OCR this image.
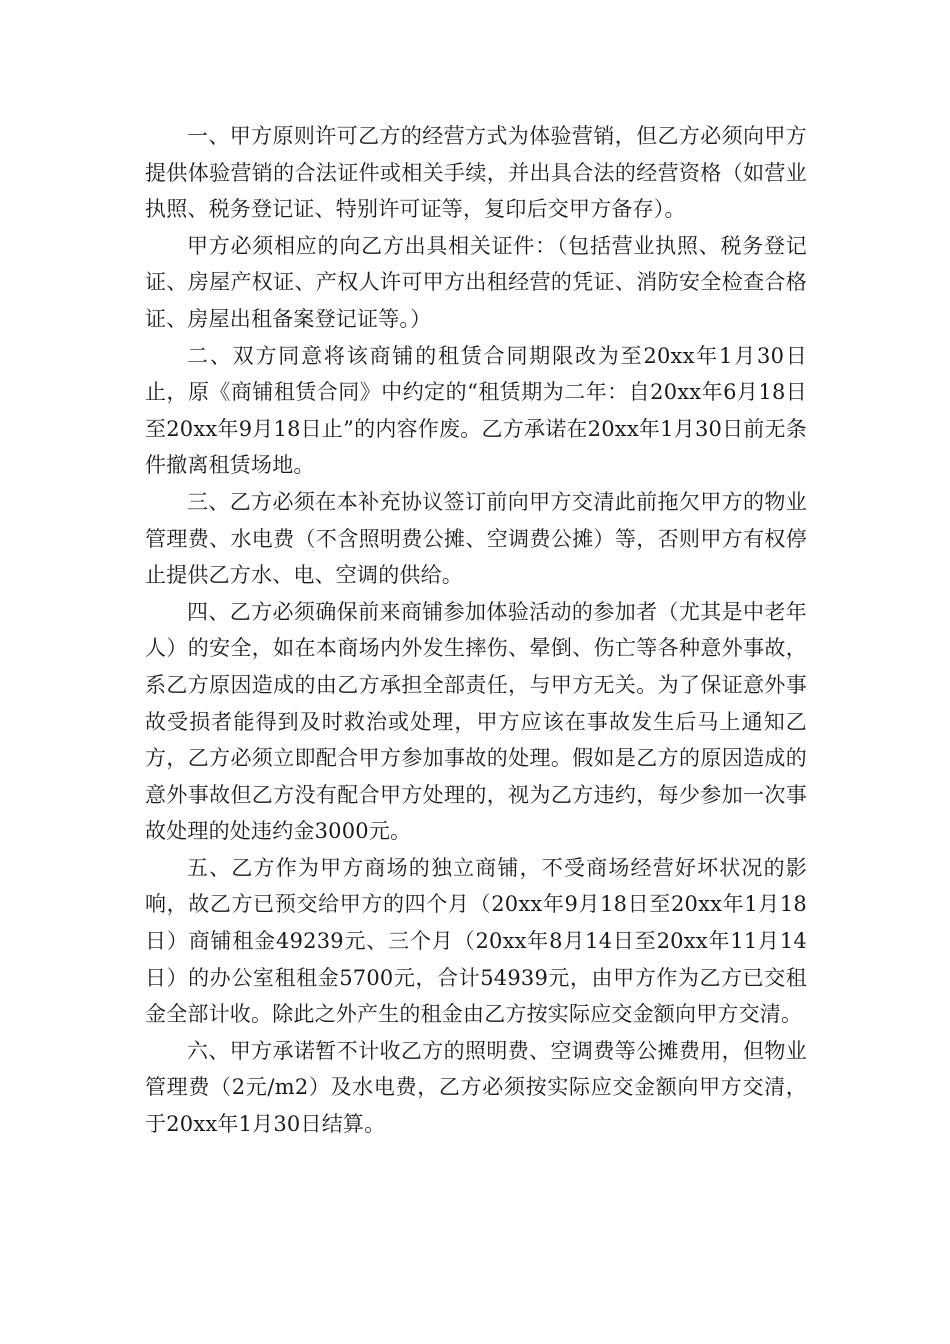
一、甲方原则许可乙方的经营方式为体验营销，但乙方必须向甲方提供体验营销的合法证件或相关手续，并出具合法的经营资格（如营业执照、税务登记证、特别许可证等，复印后交甲方备存）。

甲方必须相应的向乙方出具相关证件：（包括营业执照、税务登记证、房屋产权证、产权人许可甲方出租经营的凭证、消防安全检查合格证、房屋出租备案登记证等。）

二、双方同意将该商铺的租赁合同期限改为至20xx年1月30日止，原《商铺租赁合同》中约定的“租赁期为二年：自20xx年6月18日至20xx年9月18日止”的内容作废。乙方承诺在20xx年1月30日前无条件撤离租赁场地。

三、乙方必须在本补充协议签订前向甲方交清此前拖欠甲方的物业管理费、水电费（不含照明费公摊、空调费公摊）等，否则甲方有权停止提供乙方水、电、空调的供给。

四、乙方必须确保前来商铺参加体验活动的参加者（尤其是中老年人）的安全，如在本商场内外发生摔伤、晕倒、伤亡等各种意外事故，系乙方原因造成的由乙方承担全部责任，与甲方无关。为了保证意外事故受损者能得到及时救治或处理，甲方应该在事故发生后马上通知乙方，乙方必须立即配合甲方参加事故的处理。假如是乙方的原因造成的意外事故但乙方没有配合甲方处理的，视为乙方违约，每少参加一次事故处理的处违约金3000元。

五、乙方作为甲方商场的独立商铺，不受商场经营好坏状况的影响，故乙方已预交给甲方的四个月（20xx年9月18日至20xx年1月18日）商铺租金49239元、三个月（20xx年8月14日至20xx年11月14日）的办公室租租金5700元，合计54939元，由甲方作为乙方已交租金全部计收。除此之外产生的租金由乙方按实际应交金额向甲方交清。

六、甲方承诺暂不计收乙方的照明费、空调费等公摊费用，但物业管理费（2元/m2）及水电费，乙方必须按实际应交金额向甲方交清，于20xx年1月30日结算。
